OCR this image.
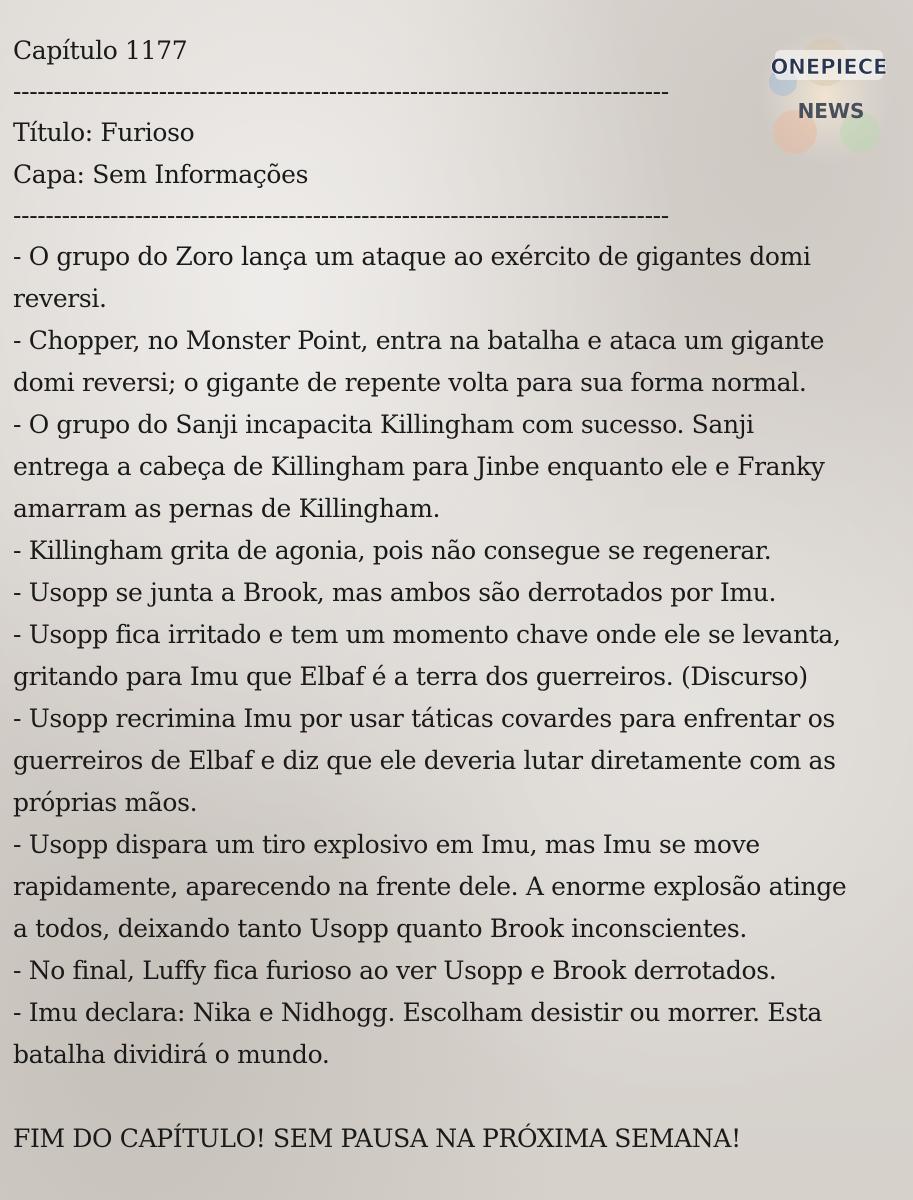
ONEPIECE
NEWS
Capítulo 1177
---------------------------------------------------------------------------------
Título: Furioso
Capa: Sem Informações
---------------------------------------------------------------------------------
- O grupo do Zoro lança um ataque ao exército de gigantes domi
reversi.
- Chopper, no Monster Point, entra na batalha e ataca um gigante
domi reversi; o gigante de repente volta para sua forma normal.
- O grupo do Sanji incapacita Killingham com sucesso. Sanji
entrega a cabeça de Killingham para Jinbe enquanto ele e Franky
amarram as pernas de Killingham.
- Killingham grita de agonia, pois não consegue se regenerar.
- Usopp se junta a Brook, mas ambos são derrotados por Imu.
- Usopp fica irritado e tem um momento chave onde ele se levanta,
gritando para Imu que Elbaf é a terra dos guerreiros. (Discurso)
- Usopp recrimina Imu por usar táticas covardes para enfrentar os
guerreiros de Elbaf e diz que ele deveria lutar diretamente com as
próprias mãos.
- Usopp dispara um tiro explosivo em Imu, mas Imu se move
rapidamente, aparecendo na frente dele. A enorme explosão atinge
a todos, deixando tanto Usopp quanto Brook inconscientes.
- No final, Luffy fica furioso ao ver Usopp e Brook derrotados.
- Imu declara: Nika e Nidhogg. Escolham desistir ou morrer. Esta
batalha dividirá o mundo.
FIM DO CAPÍTULO! SEM PAUSA NA PRÓXIMA SEMANA!
